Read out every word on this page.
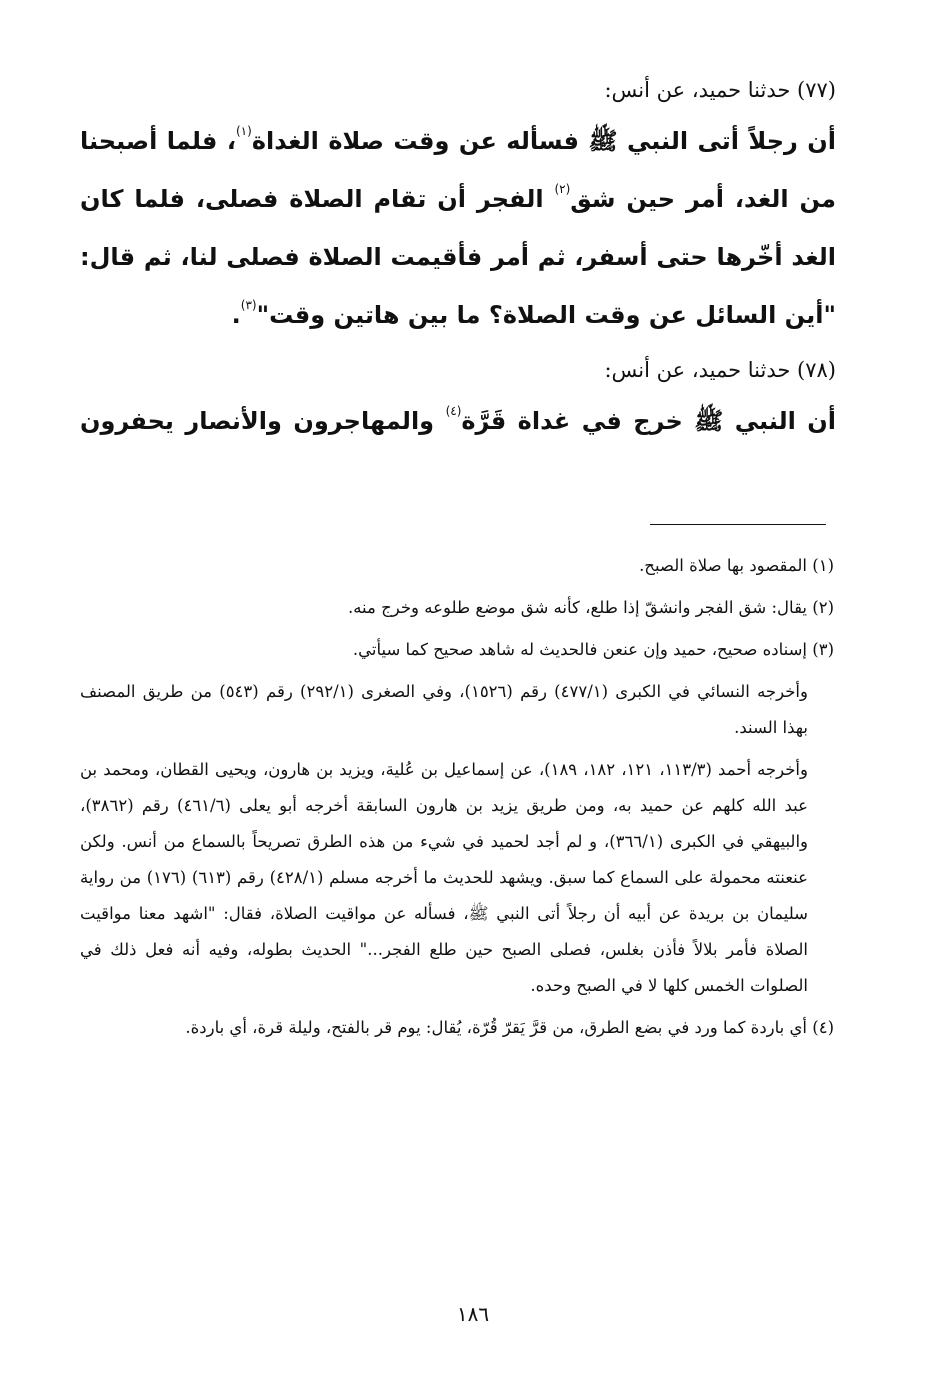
(٧٧) حدثنا حميد، عن أنس:

أن رجلاً أتى النبي ﷺ فسأله عن وقت صلاة الغداة$^{(١)}$، فلما أصبحنا من الغد، أمر حين شق$^{(٢)}$ الفجر أن تقام الصلاة فصلى، فلما كان الغد أخّرها حتى أسفر، ثم أمر فأقيمت الصلاة فصلى لنا، ثم قال: "أين السائل عن وقت الصلاة؟ ما بين هاتين وقت"$^{(٣)}$.

(٧٨) حدثنا حميد، عن أنس:

أن النبي ﷺ خرج في غداة قَرَّة$^{(٤)}$ والمهاجرون والأنصار يحفرون

(١) المقصود بها صلاة الصبح.

(٢) يقال: شق الفجر وانشقّ إذا طلع، كأنه شق موضع طلوعه وخرج منه.

(٣) إسناده صحيح، حميد وإن عنعن فالحديث له شاهد صحيح كما سيأتي.

وأخرجه النسائي في الكبرى (٤٧٧/١) رقم (١٥٢٦)، وفي الصغرى (٢٩٢/١) رقم (٥٤٣) من طريق المصنف بهذا السند.

وأخرجه أحمد (١١٣/٣، ١٢١، ١٨٢، ١٨٩)، عن إسماعيل بن عُلية، ويزيد بن هارون، ويحيى القطان، ومحمد بن عبد الله كلهم عن حميد به، ومن طريق يزيد بن هارون السابقة أخرجه أبو يعلى (٤٦١/٦) رقم (٣٨٦٢)، والبيهقي في الكبرى (٣٦٦/١)، و لم أجد لحميد في شيء من هذه الطرق تصريحاً بالسماع من أنس. ولكن عنعنته محمولة على السماع كما سبق. ويشهد للحديث ما أخرجه مسلم (٤٢٨/١) رقم (٦١٣) (١٧٦) من رواية سليمان بن بريدة عن أبيه أن رجلاً أتى النبي ﷺ، فسأله عن مواقيت الصلاة، فقال: "اشهد معنا مواقيت الصلاة فأمر بلالاً فأذن بغلس، فصلى الصبح حين طلع الفجر..." الحديث بطوله، وفيه أنه فعل ذلك في الصلوات الخمس كلها لا في الصبح وحده.

(٤) أي باردة كما ورد في بضع الطرق، من قرَّ يَقرّ قُرّة، يُقال: يوم قر بالفتح، وليلة قرة، أي باردة.

١٨٦
